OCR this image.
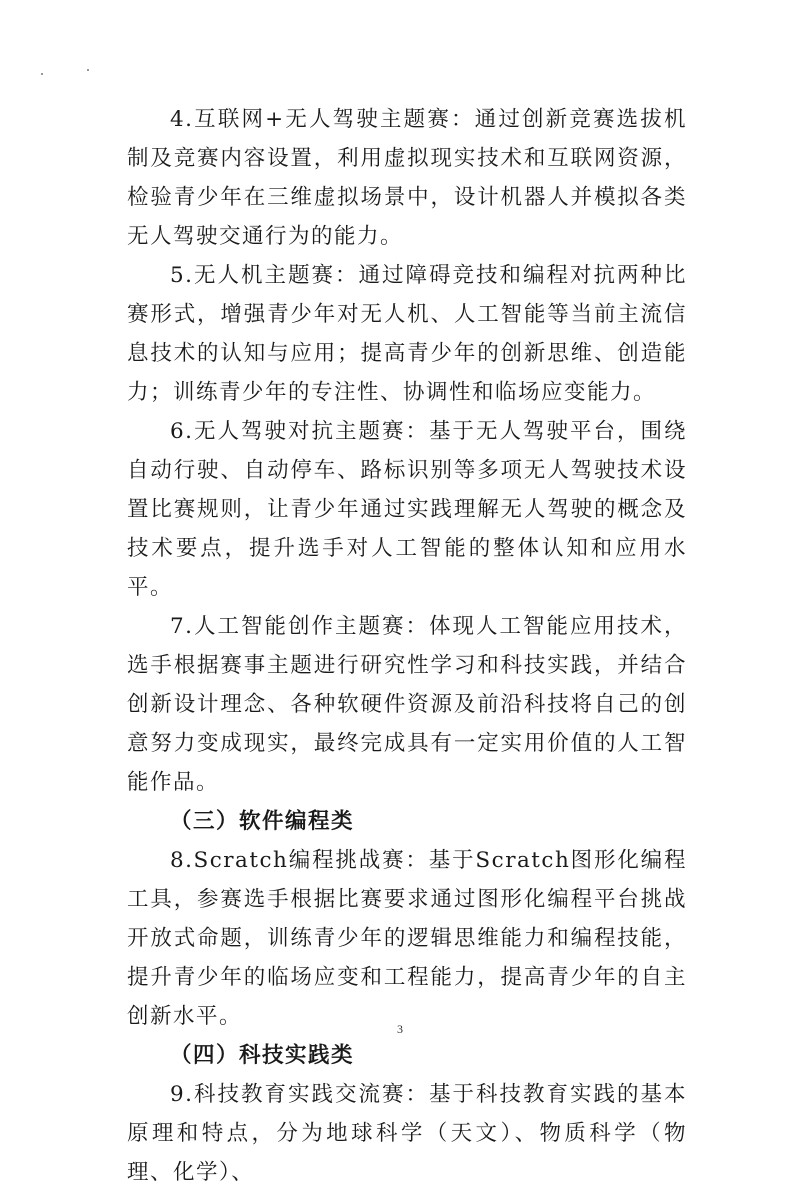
4.互联网+无人驾驶主题赛：通过创新竞赛选拔机制及竞赛内容设置，利用虚拟现实技术和互联网资源，检验青少年在三维虚拟场景中，设计机器人并模拟各类无人驾驶交通行为的能力。

5.无人机主题赛：通过障碍竞技和编程对抗两种比赛形式，增强青少年对无人机、人工智能等当前主流信息技术的认知与应用；提高青少年的创新思维、创造能力；训练青少年的专注性、协调性和临场应变能力。

6.无人驾驶对抗主题赛：基于无人驾驶平台，围绕自动行驶、自动停车、路标识别等多项无人驾驶技术设置比赛规则，让青少年通过实践理解无人驾驶的概念及技术要点，提升选手对人工智能的整体认知和应用水平。

7.人工智能创作主题赛：体现人工智能应用技术，选手根据赛事主题进行研究性学习和科技实践，并结合创新设计理念、各种软硬件资源及前沿科技将自己的创意努力变成现实，最终完成具有一定实用价值的人工智能作品。

（三）软件编程类

8.Scratch编程挑战赛：基于Scratch图形化编程工具，参赛选手根据比赛要求通过图形化编程平台挑战开放式命题，训练青少年的逻辑思维能力和编程技能，提升青少年的临场应变和工程能力，提高青少年的自主创新水平。

（四）科技实践类

9.科技教育实践交流赛：基于科技教育实践的基本原理和特点，分为地球科学（天文）、物质科学（物理、化学）、

3
